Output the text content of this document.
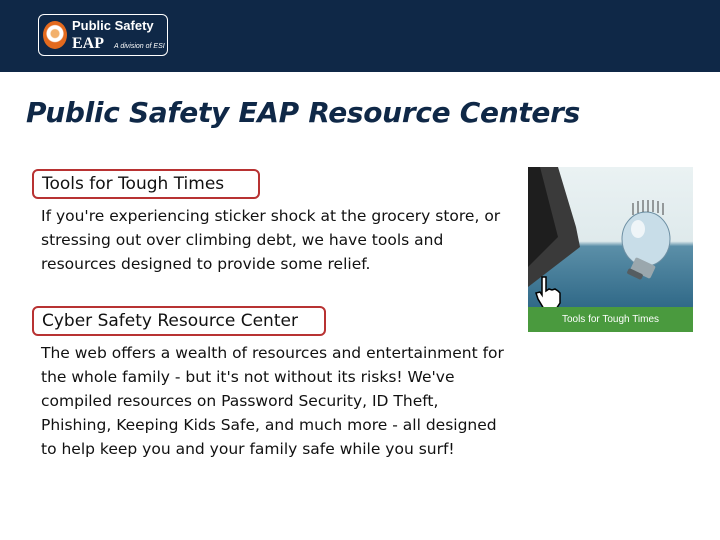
Public Safety
EAP A division of ESI
Public Safety EAP Resource Centers
Tools for Tough Times

If you're experiencing sticker shock at the grocery store, or stressing out over climbing debt, we have tools and resources designed to provide some relief.

Cyber Safety Resource Center

The web offers a wealth of resources and entertainment for the whole family - but it's not without its risks! We've compiled resources on Password Security, ID Theft, Phishing, Keeping Kids Safe, and much more - all designed to help keep you and your family safe while you surf!

Tools for Tough Times
